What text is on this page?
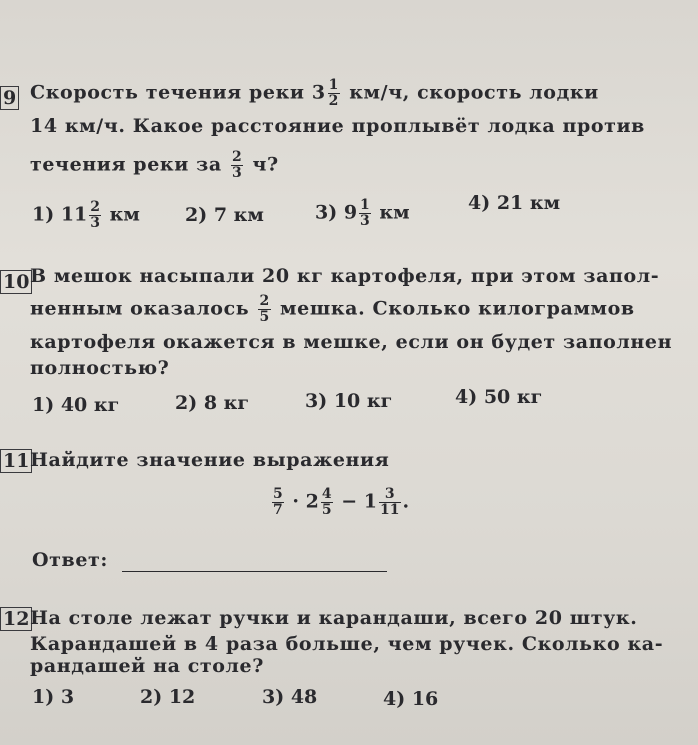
9 Скорость течения реки $3 \frac{1}{2} км/ч$, скорость лодки
14 км/ч. Какое расстояние проплывёт лодка против
течения реки за $\frac{2}{3} ч$?
1) $11 \frac{2}{3}$ км 2) 7 км	3) $9 \frac{1}{3}$ км	4) 21 км
10 В мешок насыпали 20 кг картофеля, при этом запол-
ненным оказалось $\frac{2}{5}$ мешка. Сколько килограммов
картофеля окажется в мешке, если он будет заполнен
полностью?
1) 40 кг	2) 8 кг	3) 10 кг	4) 50 кг
11 Найдите значение выражения
$\frac{5}{7} \cdot 2 \frac{4}{5} - 1 \frac{3}{11}$ .
Ответ:
12 На столе лежат ручки и карандаши, всего 20 штук.
Карандашей в 4 раза больше, чем ручек. Сколько ка-
рандашей на столе?
1) 3	2) 12	3) 48	4) 16
